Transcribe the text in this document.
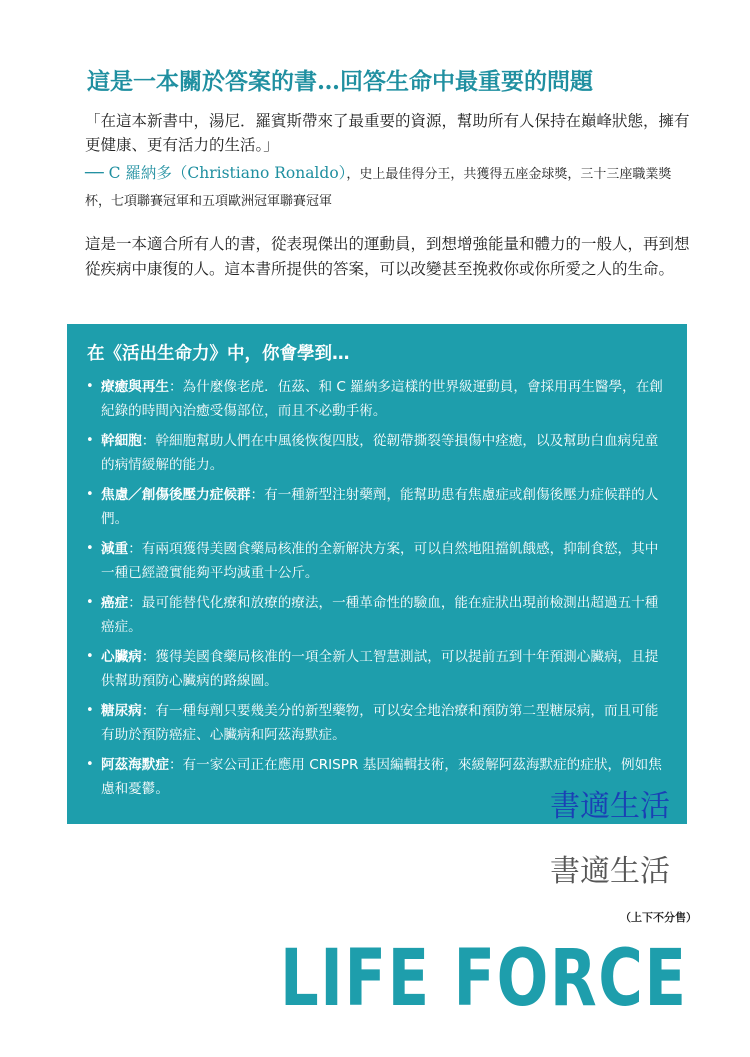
這是一本關於答案的書…回答生命中最重要的問題
「在這本新書中，湯尼．羅賓斯帶來了最重要的資源，幫助所有人保持在巔峰狀態，擁有更健康、更有活力的生活。」
── C 羅納多（Christiano Ronaldo），史上最佳得分王，共獲得五座金球獎，三十三座職業獎杯，七項聯賽冠軍和五項歐洲冠軍聯賽冠軍
這是一本適合所有人的書，從表現傑出的運動員，到想增強能量和體力的一般人，再到想從疾病中康復的人。這本書所提供的答案，可以改變甚至挽救你或你所愛之人的生命。
在《活出生命力》中，你會學到…
• 療癒與再生：為什麼像老虎．伍茲、和 C 羅納多這樣的世界級運動員，會採用再生醫學，在創紀錄的時間內治癒受傷部位，而且不必動手術。
• 幹細胞：幹細胞幫助人們在中風後恢復四肢，從韌帶撕裂等損傷中痊癒，以及幫助白血病兒童的病情緩解的能力。
• 焦慮／創傷後壓力症候群：有一種新型注射藥劑，能幫助患有焦慮症或創傷後壓力症候群的人們。
• 減重：有兩項獲得美國食藥局核准的全新解決方案，可以自然地阻擋飢餓感，抑制食慾，其中一種已經證實能夠平均減重十公斤。
• 癌症：最可能替代化療和放療的療法，一種革命性的驗血，能在症狀出現前檢測出超過五十種癌症。
• 心臟病：獲得美國食藥局核准的一項全新人工智慧測試，可以提前五到十年預測心臟病，且提供幫助預防心臟病的路線圖。
• 糖尿病：有一種每劑只要幾美分的新型藥物，可以安全地治療和預防第二型糖尿病，而且可能有助於預防癌症、心臟病和阿茲海默症。
• 阿茲海默症：有一家公司正在應用 CRISPR 基因編輯技術，來緩解阿茲海默症的症狀，例如焦慮和憂鬱。	書適生活
書適生活
（上下不分售）
LIFE FORCE
